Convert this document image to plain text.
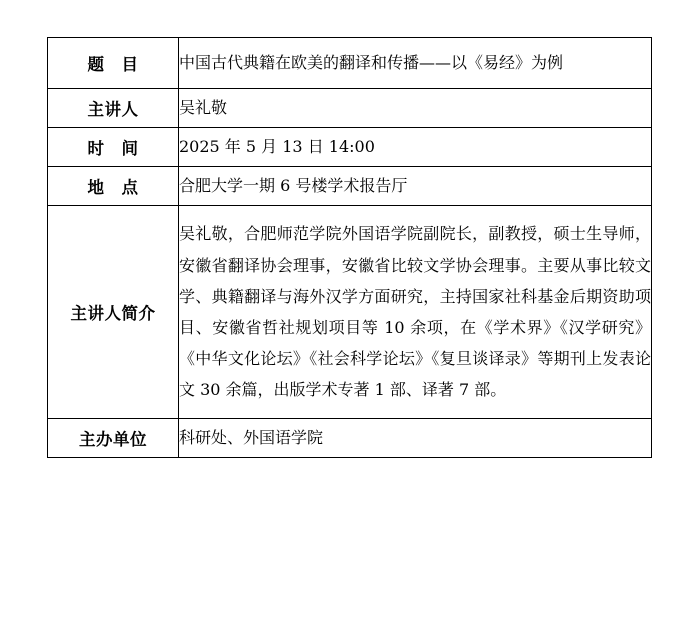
题　目	中国古代典籍在欧美的翻译和传播——以《易经》为例
主讲人	吴礼敬
时　间	2025 年 5 月 13 日 14:00
地　点	合肥大学一期 6 号楼学术报告厅
主讲人简介	吴礼敬，合肥师范学院外国语学院副院长，副教授，硕士生导师，安徽省翻译协会理事，安徽省比较文学协会理事。主要从事比较文学、典籍翻译与海外汉学方面研究，主持国家社科基金后期资助项目、安徽省哲社规划项目等 10 余项，在《学术界》《汉学研究》《中华文化论坛》《社会科学论坛》《复旦谈译录》等期刊上发表论文 30 余篇，出版学术专著 1 部、译著 7 部。
主办单位	科研处、外国语学院
